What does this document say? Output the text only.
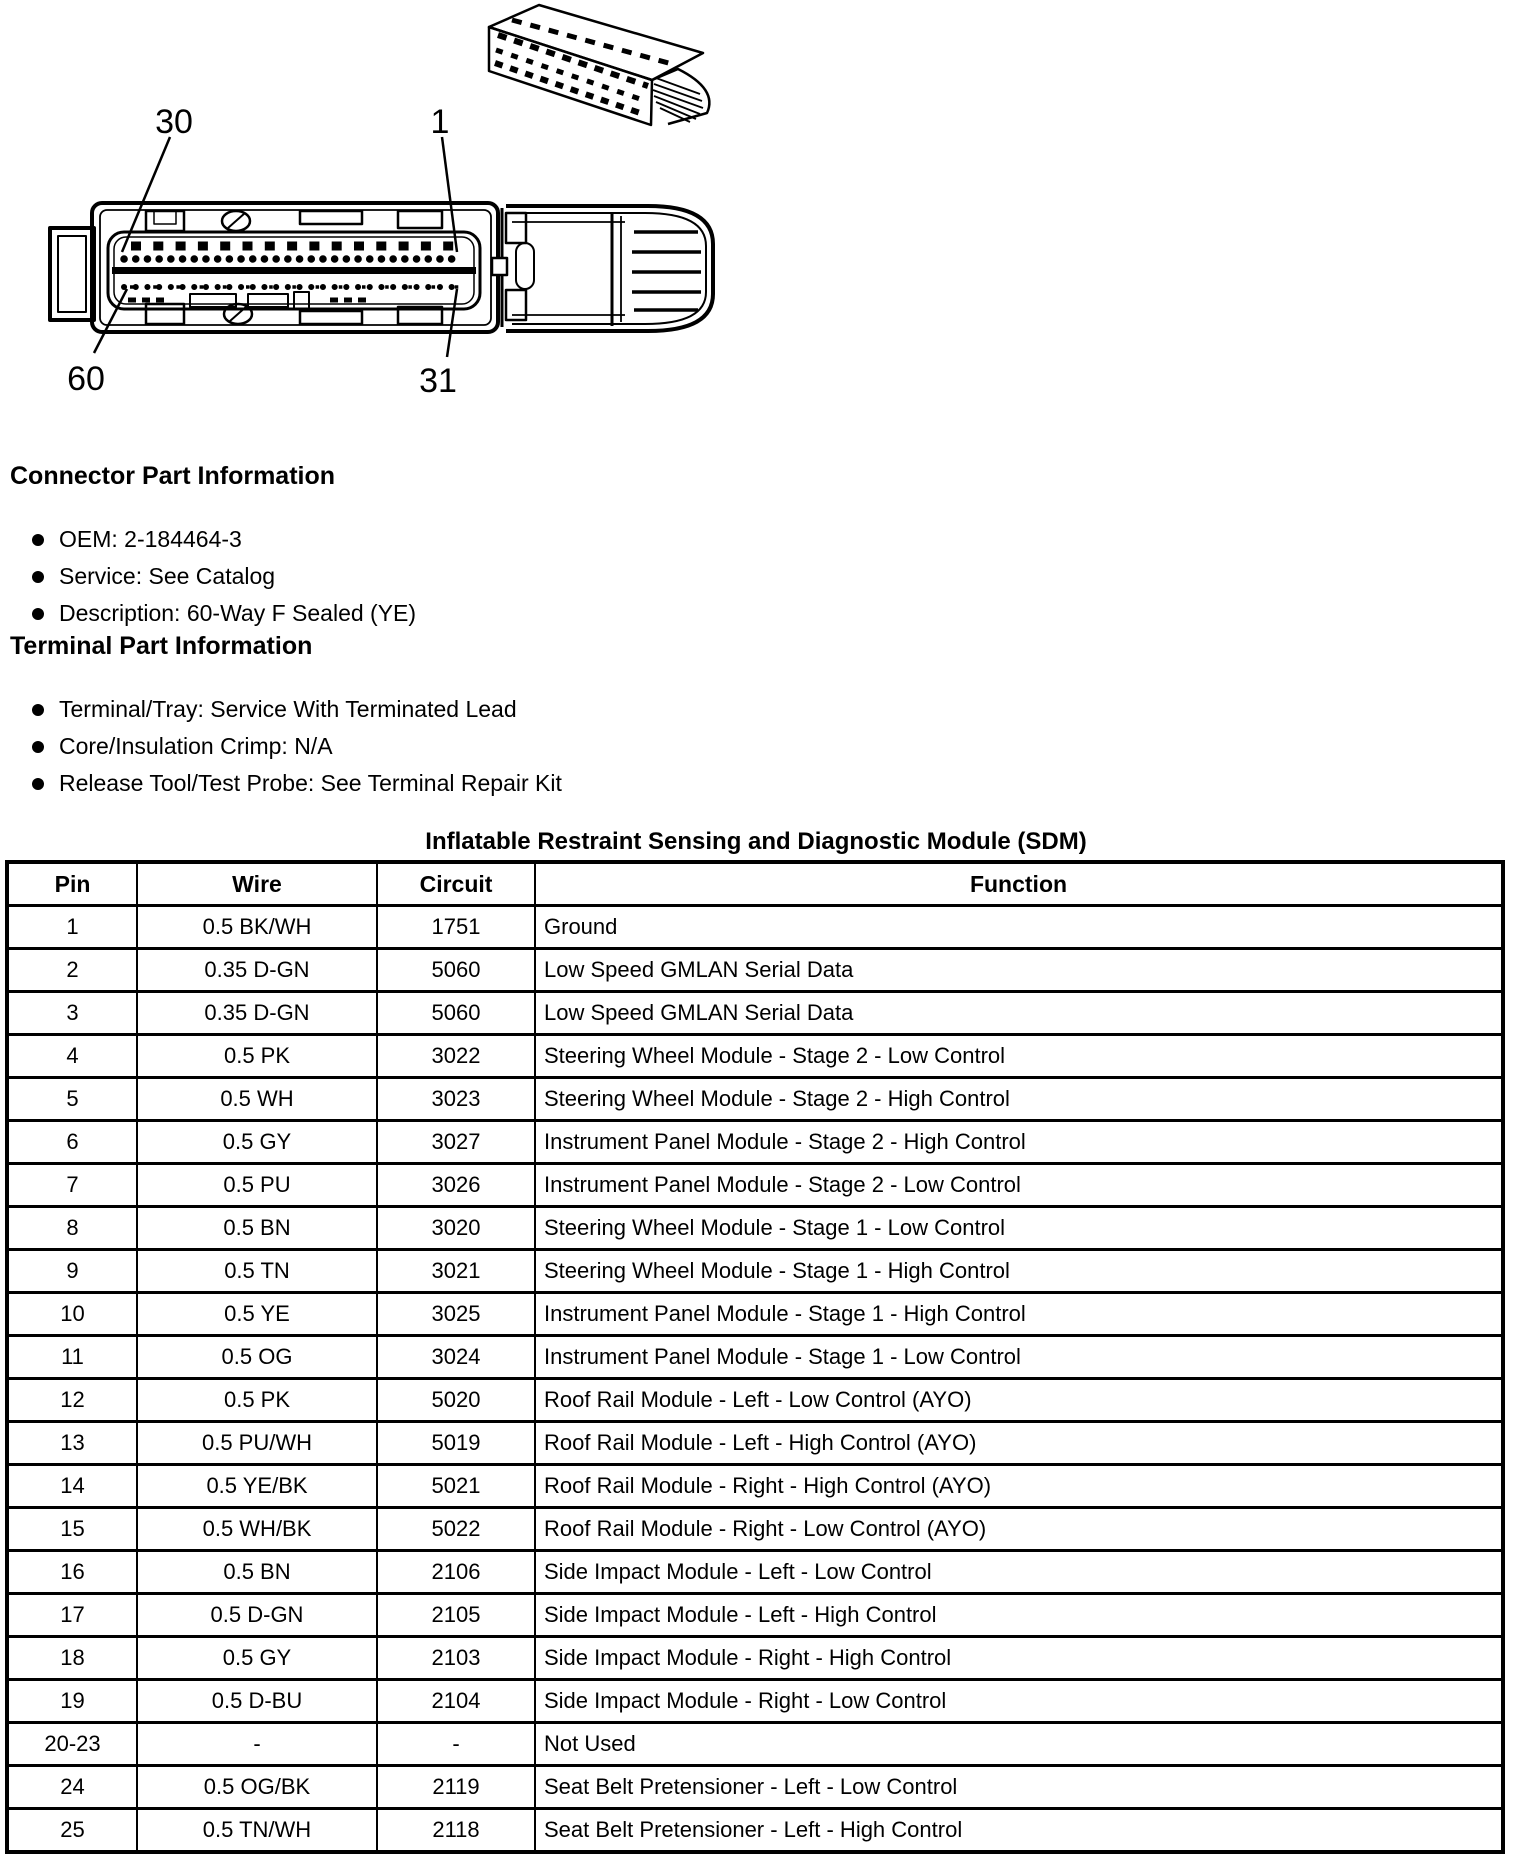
30	1
60	31
Connector Part Information
OEM: 2-184464-3
Service: See Catalog
Description: 60-Way F Sealed (YE)
Terminal Part Information
Terminal/Tray: Service With Terminated Lead
Core/Insulation Crimp: N/A
Release Tool/Test Probe: See Terminal Repair Kit
Inflatable Restraint Sensing and Diagnostic Module (SDM)
Pin	Wire	Circuit	Function
1	0.5 BK/WH	1751	Ground
2	0.35 D-GN	5060	Low Speed GMLAN Serial Data
3	0.35 D-GN	5060	Low Speed GMLAN Serial Data
4	0.5 PK	3022	Steering Wheel Module - Stage 2 - Low Control
5	0.5 WH	3023	Steering Wheel Module - Stage 2 - High Control
6	0.5 GY	3027	Instrument Panel Module - Stage 2 - High Control
7	0.5 PU	3026	Instrument Panel Module - Stage 2 - Low Control
8	0.5 BN	3020	Steering Wheel Module - Stage 1 - Low Control
9	0.5 TN	3021	Steering Wheel Module - Stage 1 - High Control
10	0.5 YE	3025	Instrument Panel Module - Stage 1 - High Control
11	0.5 OG	3024	Instrument Panel Module - Stage 1 - Low Control
12	0.5 PK	5020	Roof Rail Module - Left - Low Control (AYO)
13	0.5 PU/WH	5019	Roof Rail Module - Left - High Control (AYO)
14	0.5 YE/BK	5021	Roof Rail Module - Right - High Control (AYO)
15	0.5 WH/BK	5022	Roof Rail Module - Right - Low Control (AYO)
16	0.5 BN	2106	Side Impact Module - Left - Low Control
17	0.5 D-GN	2105	Side Impact Module - Left - High Control
18	0.5 GY	2103	Side Impact Module - Right - High Control
19	0.5 D-BU	2104	Side Impact Module - Right - Low Control
20-23	-	-	Not Used
24	0.5 OG/BK	2119	Seat Belt Pretensioner - Left - Low Control
25	0.5 TN/WH	2118	Seat Belt Pretensioner - Left - High Control
